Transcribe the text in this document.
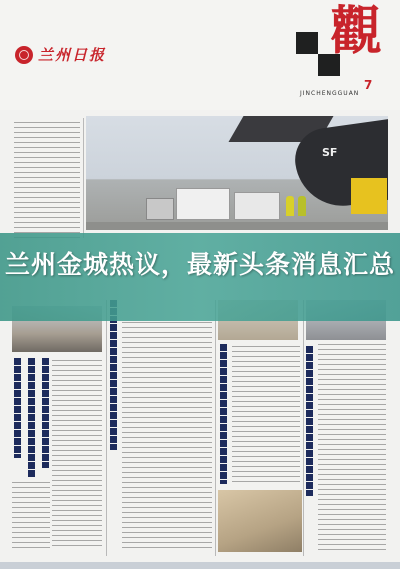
兰州日报	觀
7
JINCHENGGUAN
SF
兰州金城热议，最新头条消息汇总
